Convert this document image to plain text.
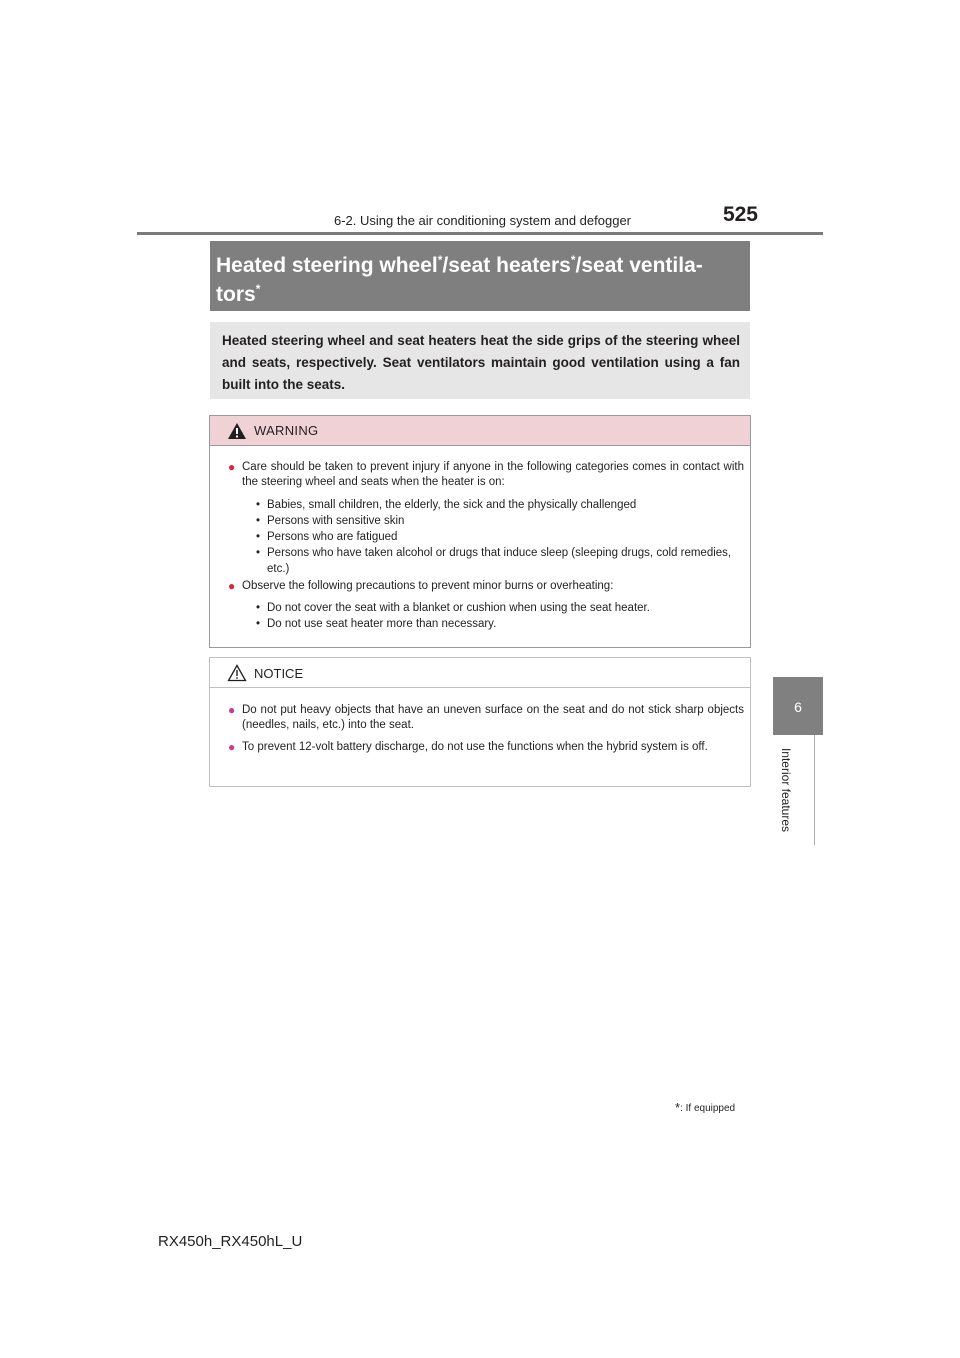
6-2. Using the air conditioning system and defogger	525
6
Interior features
Heated steering wheel*/seat heaters*/seat ventila-
tors*
Heated steering wheel and seat heaters heat the side grips of the steering wheel and seats, respectively. Seat ventilators maintain good ventilation using a fan built into the seats.
WARNING
● Care should be taken to prevent injury if anyone in the following categories comes in contact with the steering wheel and seats when the heater is on:
• Babies, small children, the elderly, the sick and the physically challenged
• Persons with sensitive skin
• Persons who are fatigued
• Persons who have taken alcohol or drugs that induce sleep (sleeping drugs, cold remedies, etc.)
● Observe the following precautions to prevent minor burns or overheating:
• Do not cover the seat with a blanket or cushion when using the seat heater.
• Do not use seat heater more than necessary.
NOTICE
● Do not put heavy objects that have an uneven surface on the seat and do not stick sharp objects (needles, nails, etc.) into the seat.
● To prevent 12-volt battery discharge, do not use the functions when the hybrid system is off.
*: If equipped
RX450h_RX450hL_U
